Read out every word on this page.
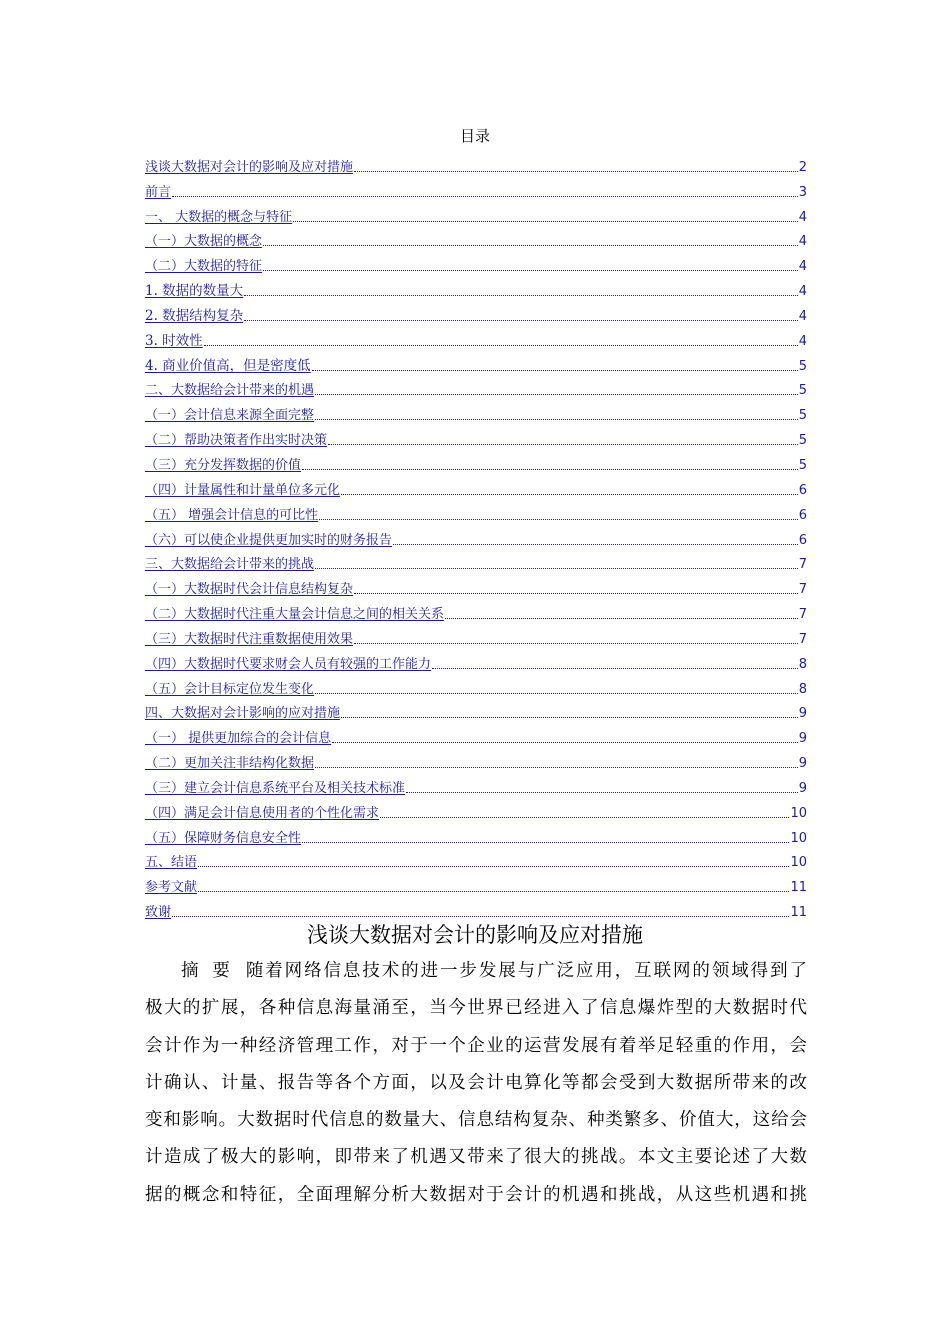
目录
浅谈大数据对会计的影响及应对措施	2
前言	3
一、 大数据的概念与特征	4
（一）大数据的概念	4
（二）大数据的特征	4
1. 数据的数量大	4
2. 数据结构复杂	4
3. 时效性	4
4. 商业价值高，但是密度低	5
二、大数据给会计带来的机遇	5
（一）会计信息来源全面完整	5
（二）帮助决策者作出实时决策	5
（三）充分发挥数据的价值	5
（四）计量属性和计量单位多元化	6
（五） 增强会计信息的可比性	6
（六）可以使企业提供更加实时的财务报告	6
三、大数据给会计带来的挑战	7
（一）大数据时代会计信息结构复杂	7
（二）大数据时代注重大量会计信息之间的相关关系	7
（三）大数据时代注重数据使用效果	7
（四）大数据时代要求财会人员有较强的工作能力	8
（五）会计目标定位发生变化	8
四、大数据对会计影响的应对措施	9
（一） 提供更加综合的会计信息	9
（二）更加关注非结构化数据	9
（三）建立会计信息系统平台及相关技术标准	9
（四）满足会计信息使用者的个性化需求	10
（五）保障财务信息安全性	10
五、结语	10
参考文献	11
致谢	11
浅谈大数据对会计的影响及应对措施
摘要 随着网络信息技术的进一步发展与广泛应用，互联网的领域得到了
极大的扩展，各种信息海量涌至，当今世界已经进入了信息爆炸型的大数据时代
会计作为一种经济管理工作，对于一个企业的运营发展有着举足轻重的作用，会
计确认、计量、报告等各个方面，以及会计电算化等都会受到大数据所带来的改
变和影响。大数据时代信息的数量大、信息结构复杂、种类繁多、价值大，这给会
计造成了极大的影响，即带来了机遇又带来了很大的挑战。本文主要论述了大数
据的概念和特征，全面理解分析大数据对于会计的机遇和挑战，从这些机遇和挑
